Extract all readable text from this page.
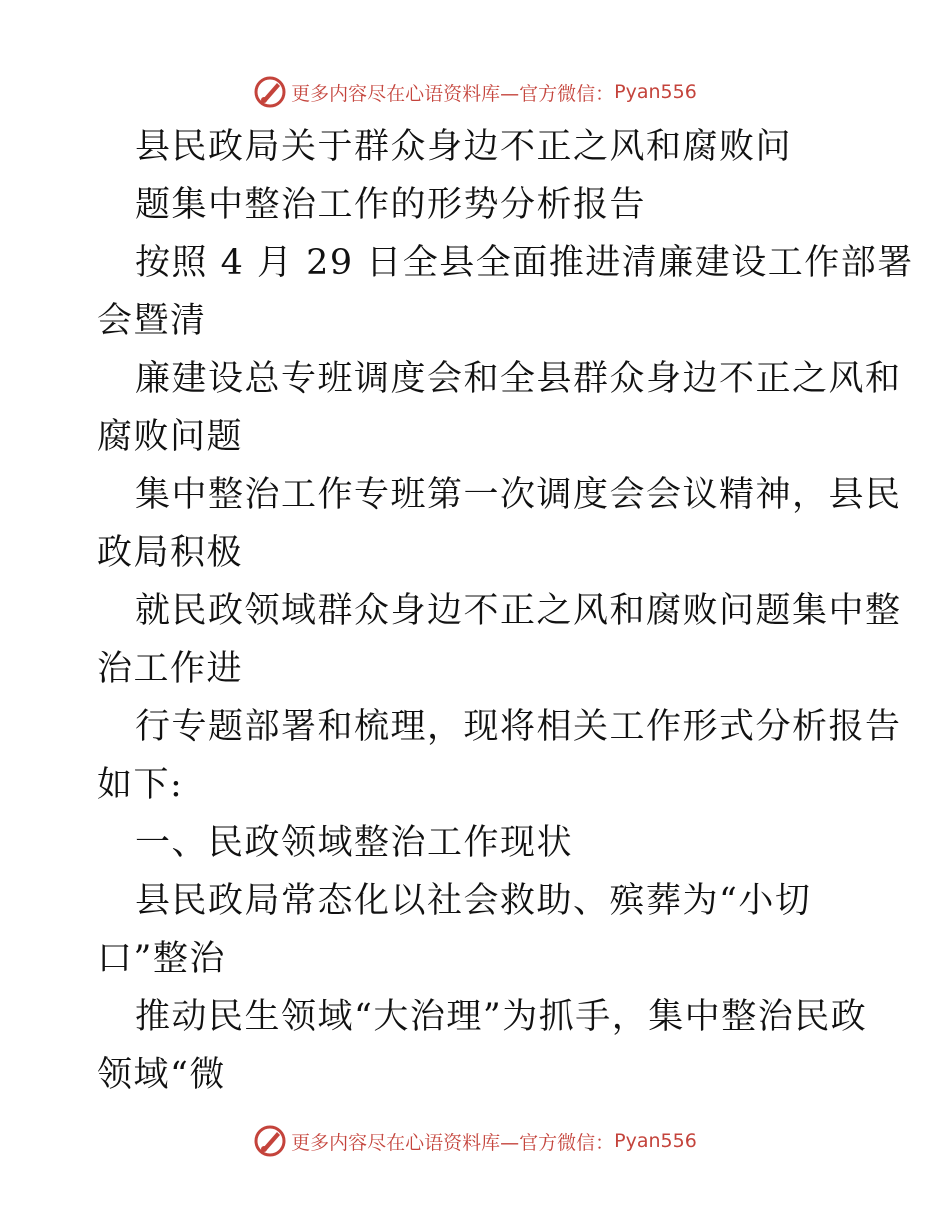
更多内容尽在心语资料库—官方微信： Pyan556
县民政局关于群众身边不正之风和腐败问
题集中整治工作的形势分析报告
按照 4 月 29 日全县全面推进清廉建设工作部署
会暨清
廉建设总专班调度会和全县群众身边不正之风和
腐败问题
集中整治工作专班第一次调度会会议精神，县民
政局积极
就民政领域群众身边不正之风和腐败问题集中整
治工作进
行专题部署和梳理，现将相关工作形式分析报告
如下:
一、民政领域整治工作现状
县民政局常态化以社会救助、殡葬为“小切
口”整治
推动民生领域“大治理”为抓手，集中整治民政
领域“微
更多内容尽在心语资料库—官方微信： Pyan556
